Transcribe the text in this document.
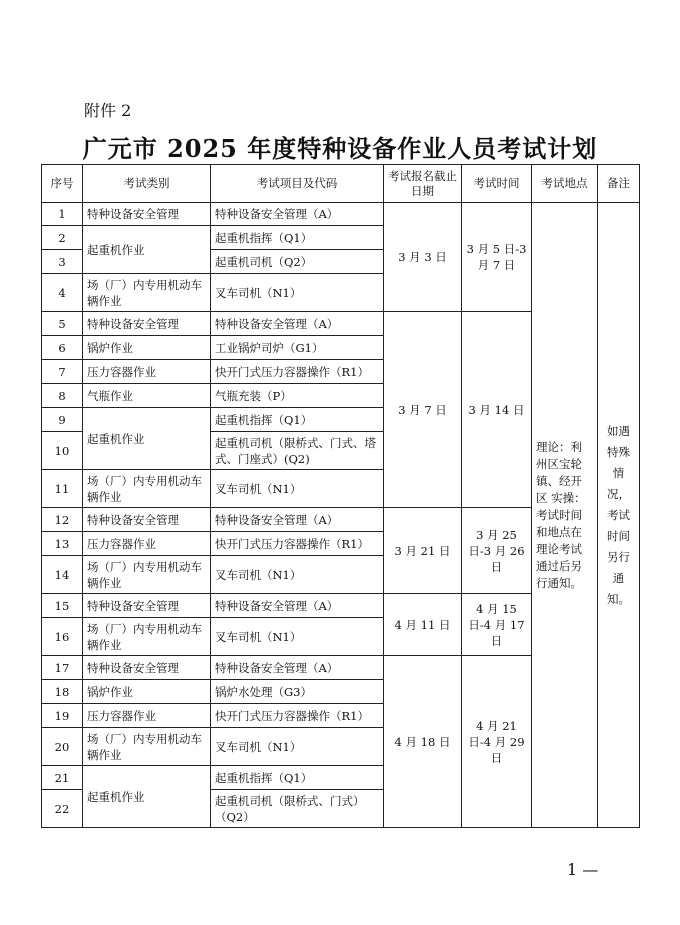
附件 2
广元市 2025 年度特种设备作业人员考试计划
序号	考试类别	考试项目及代码	考试报名截止日期	考试时间	考试地点	备注
1	特种设备安全管理	特种设备安全管理（A）	3 月 3 日	3 月 5 日-3 月 7 日	理论：利州区宝轮镇、经开区 实操：考试时间和地点在理论考试通过后另行通知。	如遇特殊情况，考试时间另行通知。
2	起重机作业	起重机指挥（Q1）				
3		起重机司机（Q2）				
4	场（厂）内专用机动车辆作业	叉车司机（N1）				
5	特种设备安全管理	特种设备安全管理（A）	3 月 7 日	3 月 14 日		
6	锅炉作业	工业锅炉司炉（G1）				
7	压力容器作业	快开门式压力容器操作（R1）				
8	气瓶作业	气瓶充装（P）				
9	起重机作业	起重机指挥（Q1）				
10		起重机司机（限桥式、门式、塔式、门座式）(Q2)				
11	场（厂）内专用机动车辆作业	叉车司机（N1）				
12	特种设备安全管理	特种设备安全管理（A）	3 月 21 日	3 月 25 日-3 月 26 日		
13	压力容器作业	快开门式压力容器操作（R1）				
14	场（厂）内专用机动车辆作业	叉车司机（N1）				
15	特种设备安全管理	特种设备安全管理（A）	4 月 11 日	4 月 15 日-4 月 17 日		
16	场（厂）内专用机动车辆作业	叉车司机（N1）				
17	特种设备安全管理	特种设备安全管理（A）	4 月 18 日	4 月 21 日-4 月 29 日		
18	锅炉作业	锅炉水处理（G3）				
19	压力容器作业	快开门式压力容器操作（R1）				
20	场（厂）内专用机动车辆作业	叉车司机（N1）				
21	起重机作业	起重机指挥（Q1）				
22		起重机司机（限桥式、门式）（Q2）				
1 —
